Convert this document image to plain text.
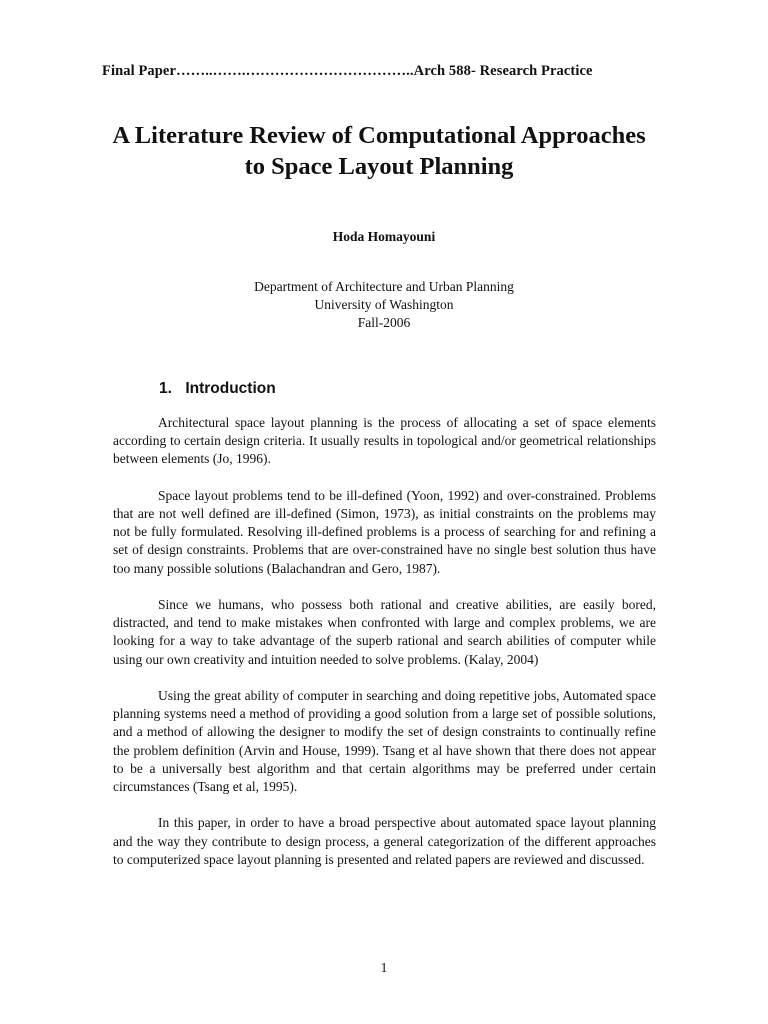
Final Paper……..…….……………………………..Arch 588- Research Practice
A Literature Review of Computational Approaches
to Space Layout Planning
Hoda Homayouni
Department of Architecture and Urban Planning
University of Washington
Fall-2006
1. Introduction

Architectural space layout planning is the process of allocating a set of space elements according to certain design criteria. It usually results in topological and/or geometrical relationships between elements (Jo, 1996).

Space layout problems tend to be ill-defined (Yoon, 1992) and over-constrained. Problems that are not well defined are ill-defined (Simon, 1973), as initial constraints on the problems may not be fully formulated. Resolving ill-defined problems is a process of searching for and refining a set of design constraints. Problems that are over-constrained have no single best solution thus have too many possible solutions (Balachandran and Gero, 1987).

Since we humans, who possess both rational and creative abilities, are easily bored, distracted, and tend to make mistakes when confronted with large and complex problems, we are looking for a way to take advantage of the superb rational and search abilities of computer while using our own creativity and intuition needed to solve problems. (Kalay, 2004)

Using the great ability of computer in searching and doing repetitive jobs, Automated space planning systems need a method of providing a good solution from a large set of possible solutions, and a method of allowing the designer to modify the set of design constraints to continually refine the problem definition (Arvin and House, 1999). Tsang et al have shown that there does not appear to be a universally best algorithm and that certain algorithms may be preferred under certain circumstances (Tsang et al, 1995).

In this paper, in order to have a broad perspective about automated space layout planning and the way they contribute to design process, a general categorization of the different approaches to computerized space layout planning is presented and related papers are reviewed and discussed.

1
